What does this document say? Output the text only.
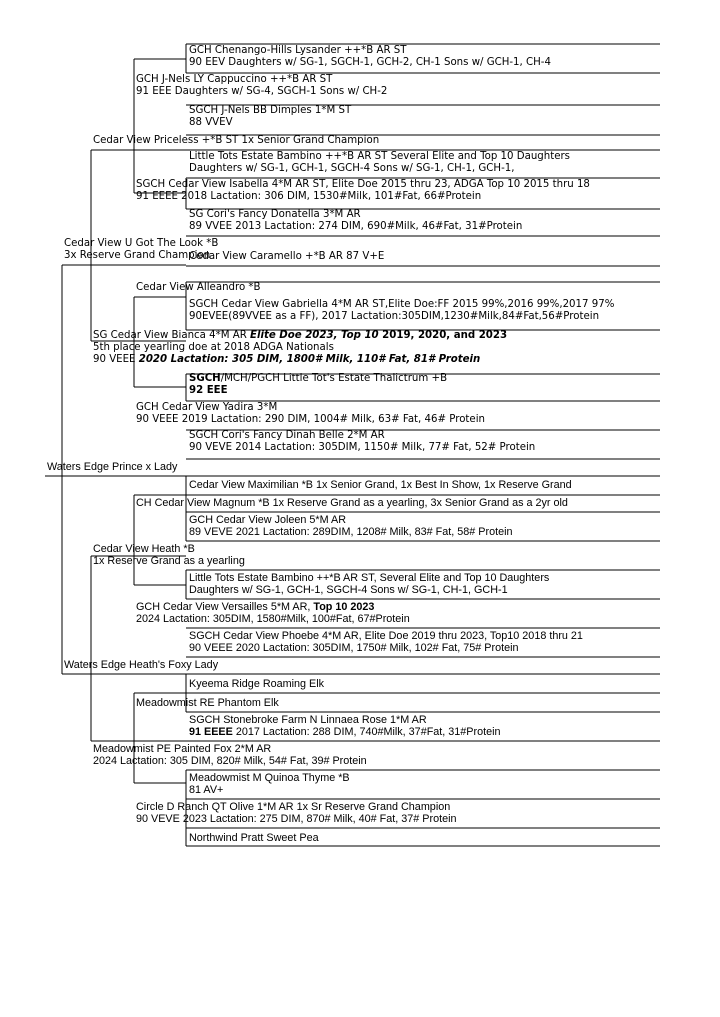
Waters Edge Prince x Lady
Cedar View U Got The Look *B
3x Reserve Grand Champion
Waters Edge Heath's Foxy Lady
GCH Chenango-Hills Lysander ++*B AR ST
90 EEV Daughters w/ SG-1, SGCH-1, GCH-2, CH-1 Sons w/ GCH-1, CH-4
GCH J-Nels LY Cappuccino ++*B AR ST
91 EEE Daughters w/ SG-4, SGCH-1 Sons w/ CH-2
SGCH J-Nels BB Dimples 1*M ST
88 VVEV
Cedar View Priceless +*B ST 1x Senior Grand Champion
Little Tots Estate Bambino ++*B AR ST Several Elite and Top 10 Daughters
Daughters w/ SG-1, GCH-1, SGCH-4 Sons w/ SG-1, CH-1, GCH-1,
SGCH Cedar View Isabella 4*M AR ST, Elite Doe 2015 thru 23, ADGA Top 10 2015 thru 18
91 EEEE 2018 Lactation: 306 DIM, 1530#Milk, 101#Fat, 66#Protein
SG Cori's Fancy Donatella 3*M AR
89 VVEE 2013 Lactation: 274 DIM, 690#Milk, 46#Fat, 31#Protein
Cedar View Caramello +*B AR 87 V+E
Cedar View Alleandro *B
SGCH Cedar View Gabriella 4*M AR ST,Elite Doe:FF 2015 99%,2016 99%,2017 97%
90EVEE(89VVEE as a FF), 2017 Lactation:305DIM,1230#Milk,84#Fat,56#Protein
SG Cedar View Bianca 4*M AR Elite Doe 2023, Top 10 2019, 2020, and 2023
5th place yearling doe at 2018 ADGA Nationals
90 VEEE 2020 Lactation: 305 DIM, 1800# Milk, 110# Fat, 81# Protein
SGCH/MCH/PGCH Little Tot's Estate Thalictrum +B
92 EEE
GCH Cedar View Yadira 3*M
90 VEEE 2019 Lactation: 290 DIM, 1004# Milk, 63# Fat, 46# Protein
SGCH Cori's Fancy Dinah Belle 2*M AR
90 VEVE 2014 Lactation: 305DIM, 1150# Milk, 77# Fat, 52# Protein
Cedar View Maximilian *B 1x Senior Grand, 1x Best In Show, 1x Reserve Grand
CH Cedar View Magnum *B 1x Reserve Grand as a yearling, 3x Senior Grand as a 2yr old
GCH Cedar View Joleen 5*M AR
89 VEVE 2021 Lactation: 289DIM, 1208# Milk, 83# Fat, 58# Protein
Cedar View Heath *B
1x Reserve Grand as a yearling
Little Tots Estate Bambino ++*B AR ST, Several Elite and Top 10 Daughters
Daughters w/ SG-1, GCH-1, SGCH-4 Sons w/ SG-1, CH-1, GCH-1
GCH Cedar View Versailles 5*M AR, Top 10 2023
2024 Lactation: 305DIM, 1580#Milk, 100#Fat, 67#Protein
SGCH Cedar View Phoebe 4*M AR, Elite Doe 2019 thru 2023, Top10 2018 thru 21
90 VEEE 2020 Lactation: 305DIM, 1750# Milk, 102# Fat, 75# Protein
Kyeema Ridge Roaming Elk
Meadowmist RE Phantom Elk
SGCH Stonebroke Farm N Linnaea Rose 1*M AR
91 EEEE 2017 Lactation: 288 DIM, 740#Milk, 37#Fat, 31#Protein
Meadowmist PE Painted Fox 2*M AR
2024 Lactation: 305 DIM, 820# Milk, 54# Fat, 39# Protein
Meadowmist M Quinoa Thyme *B
81 AV+
Circle D Ranch QT Olive 1*M AR 1x Sr Reserve Grand Champion
90 VEVE 2023 Lactation: 275 DIM, 870# Milk, 40# Fat, 37# Protein
Northwind Pratt Sweet Pea
